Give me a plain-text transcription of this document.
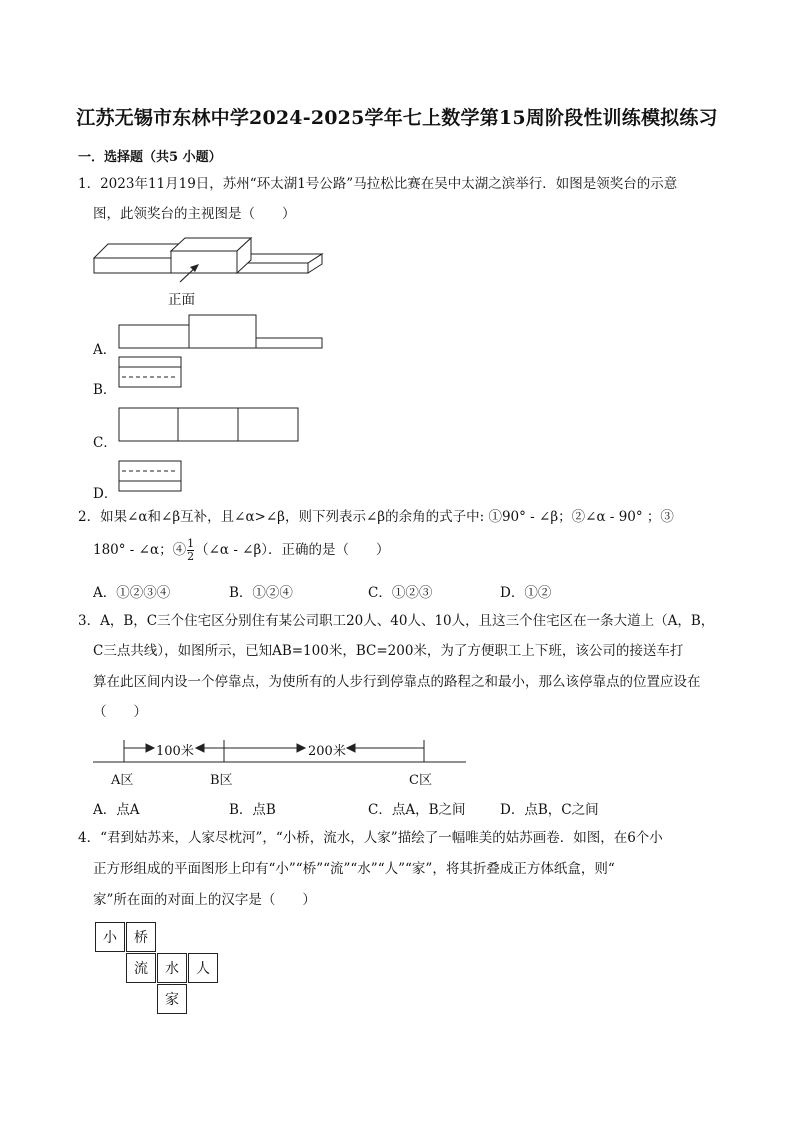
江苏无锡市东林中学2024-2025学年七上数学第15周阶段性训练模拟练习
一．选择题（共5 小题）
1．2023年11月19日，苏州“环太湖1号公路”马拉松比赛在吴中太湖之滨举行．如图是领奖台的示意
图，此领奖台的主视图是（　　）
正面
A．
B．
C．
D．
2．如果∠α和∠β互补，且∠α>∠β，则下列表示∠β的余角的式子中: ①90° - ∠β；②∠α - 90° ；③
180° - ∠α；④ $\frac{1}{2}$ （∠α - ∠β）．正确的是（　　）
A．①②③④	B．①②④	C．①②③	D．①②
3．A，B，C三个住宅区分别住有某公司职工20人、40人、10人，且这三个住宅区在一条大道上（A，B，
C三点共线），如图所示，已知AB=100米，BC=200米，为了方便职工上下班，该公司的接送车打
算在此区间内设一个停靠点，为使所有的人步行到停靠点的路程之和最小，那么该停靠点的位置应设在
（　　）
100米	200米
A区	B区	C区
A．点A	B．点B	C．点A，B之间	D．点B，C之间
4．“君到姑苏来，人家尽枕河”，“小桥，流水，人家”描绘了一幅唯美的姑苏画卷．如图，在6个小
正方形组成的平面图形上印有“小”“桥”“流”“水”“人”“家”，将其折叠成正方体纸盒，则“
家”所在面的对面上的汉字是（　　）
小	桥
流	水	人
家
